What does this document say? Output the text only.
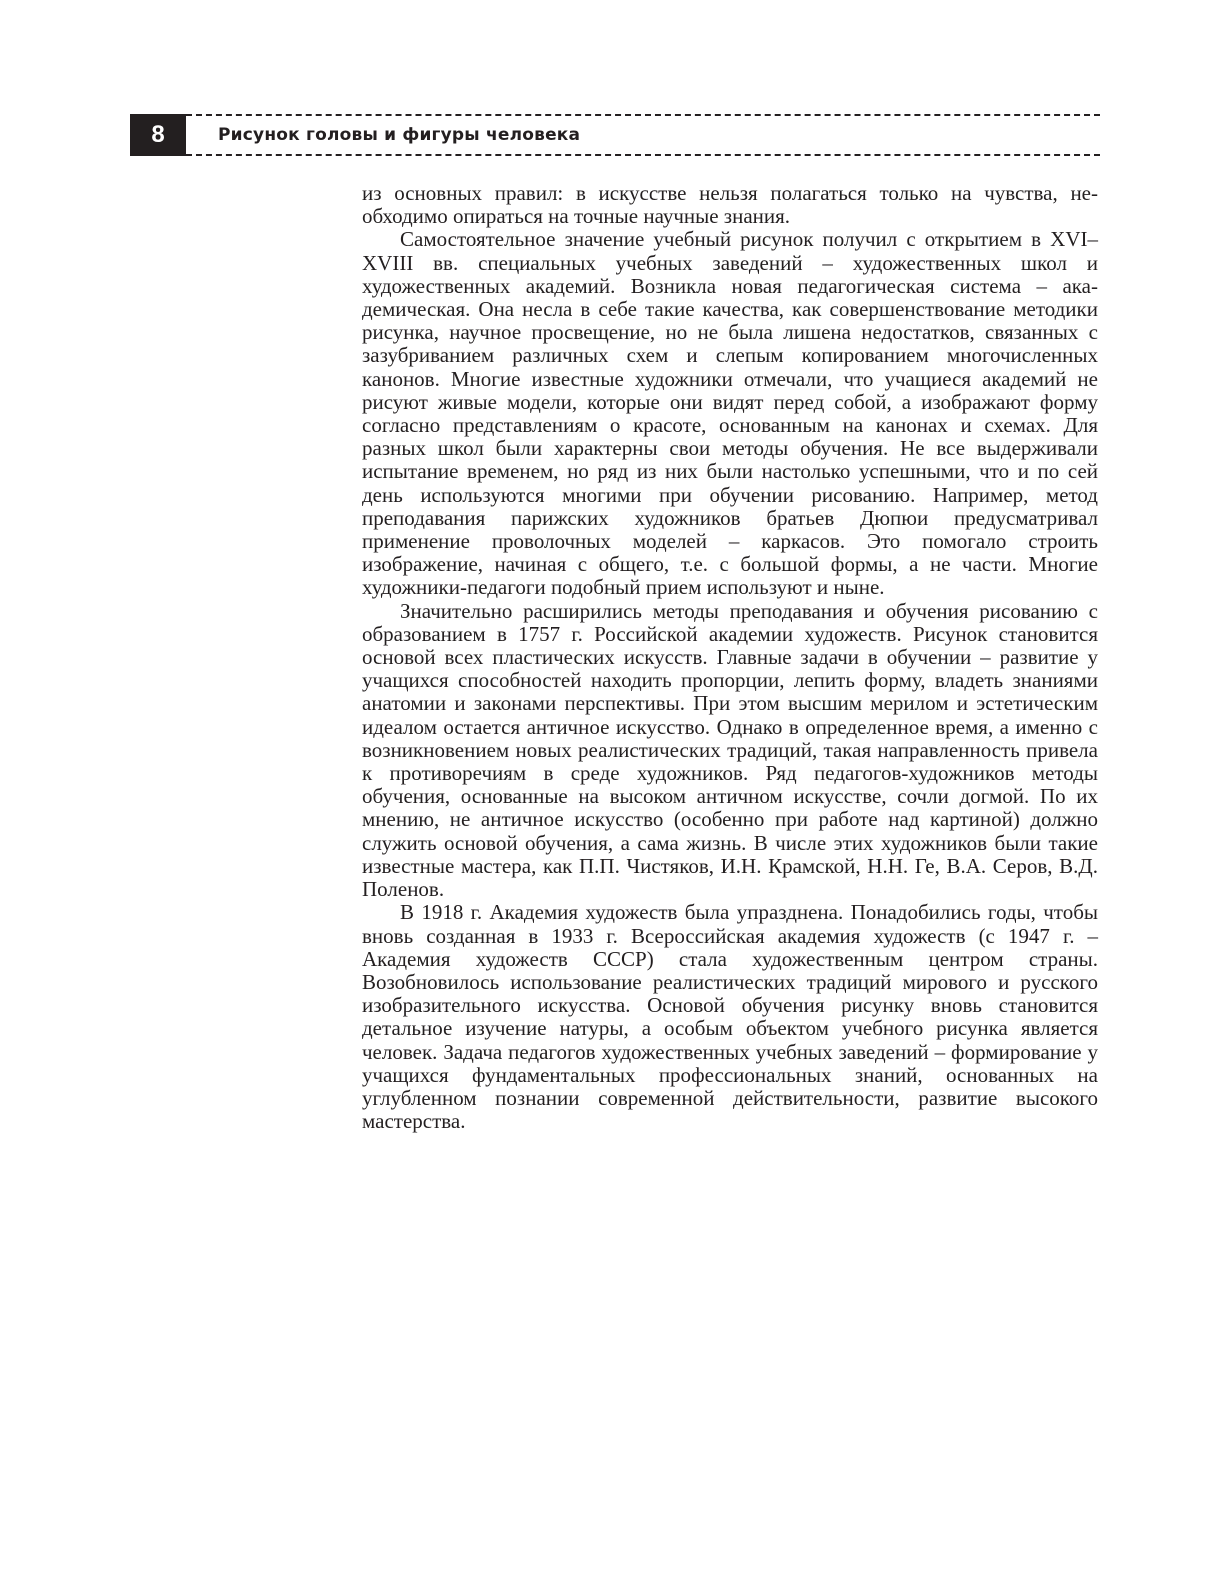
8	Рисунок головы и фигуры человека

из основных правил: в искусстве нельзя полагаться только на чувства, необходимо опираться на точные научные знания.

Самостоятельное значение учебный рисунок получил с открытием в XVI–XVIII вв. специальных учебных заведений – художественных школ и художественных академий. Возникла новая педагогическая система – академическая. Она несла в себе такие качества, как совершенствование методики рисунка, научное просвещение, но не была лишена недостатков, связанных с зазубриванием различных схем и слепым копированием многочисленных канонов. Многие известные художники отмечали, что учащиеся академий не рисуют живые модели, которые они видят перед собой, а изображают форму согласно представлениям о красоте, основанным на канонах и схемах. Для разных школ были характерны свои методы обучения. Не все выдерживали испытание временем, но ряд из них были настолько успешными, что и по сей день используются многими при обучении рисованию. Например, метод преподавания парижских художников братьев Дюпюи предусматривал применение проволочных моделей – каркасов. Это помогало строить изображение, начиная с общего, т.е. с большой формы, а не части. Многие художники-педагоги подобный прием используют и ныне.

Значительно расширились методы преподавания и обучения рисованию с образованием в 1757 г. Российской академии художеств. Рисунок становится основой всех пластических искусств. Главные задачи в обучении – развитие у учащихся способностей находить пропорции, лепить форму, владеть знаниями анатомии и законами перспективы. При этом высшим мерилом и эстетическим идеалом остается античное искусство. Однако в определенное время, а именно с возникновением новых реалистических традиций, такая направленность привела к противоречиям в среде художников. Ряд педагогов-художников методы обучения, основанные на высоком античном искусстве, сочли догмой. По их мнению, не античное искусство (особенно при работе над картиной) должно служить основой обучения, а сама жизнь. В числе этих художников были такие известные мастера, как П.П. Чистяков, И.Н. Крамской, Н.Н. Ге, В.А. Серов, В.Д. Поленов.

В 1918 г. Академия художеств была упразднена. Понадобились годы, чтобы вновь созданная в 1933 г. Всероссийская академия художеств (с 1947 г. – Академия художеств СССР) стала художественным центром страны. Возобновилось использование реалистических традиций мирового и русского изобразительного искусства. Основой обучения рисунку вновь становится детальное изучение натуры, а особым объектом учебного рисунка является человек. Задача педагогов художественных учебных заведений – формирование у учащихся фундаментальных профессиональных знаний, основанных на углубленном познании современной действительности, развитие высокого мастерства.
